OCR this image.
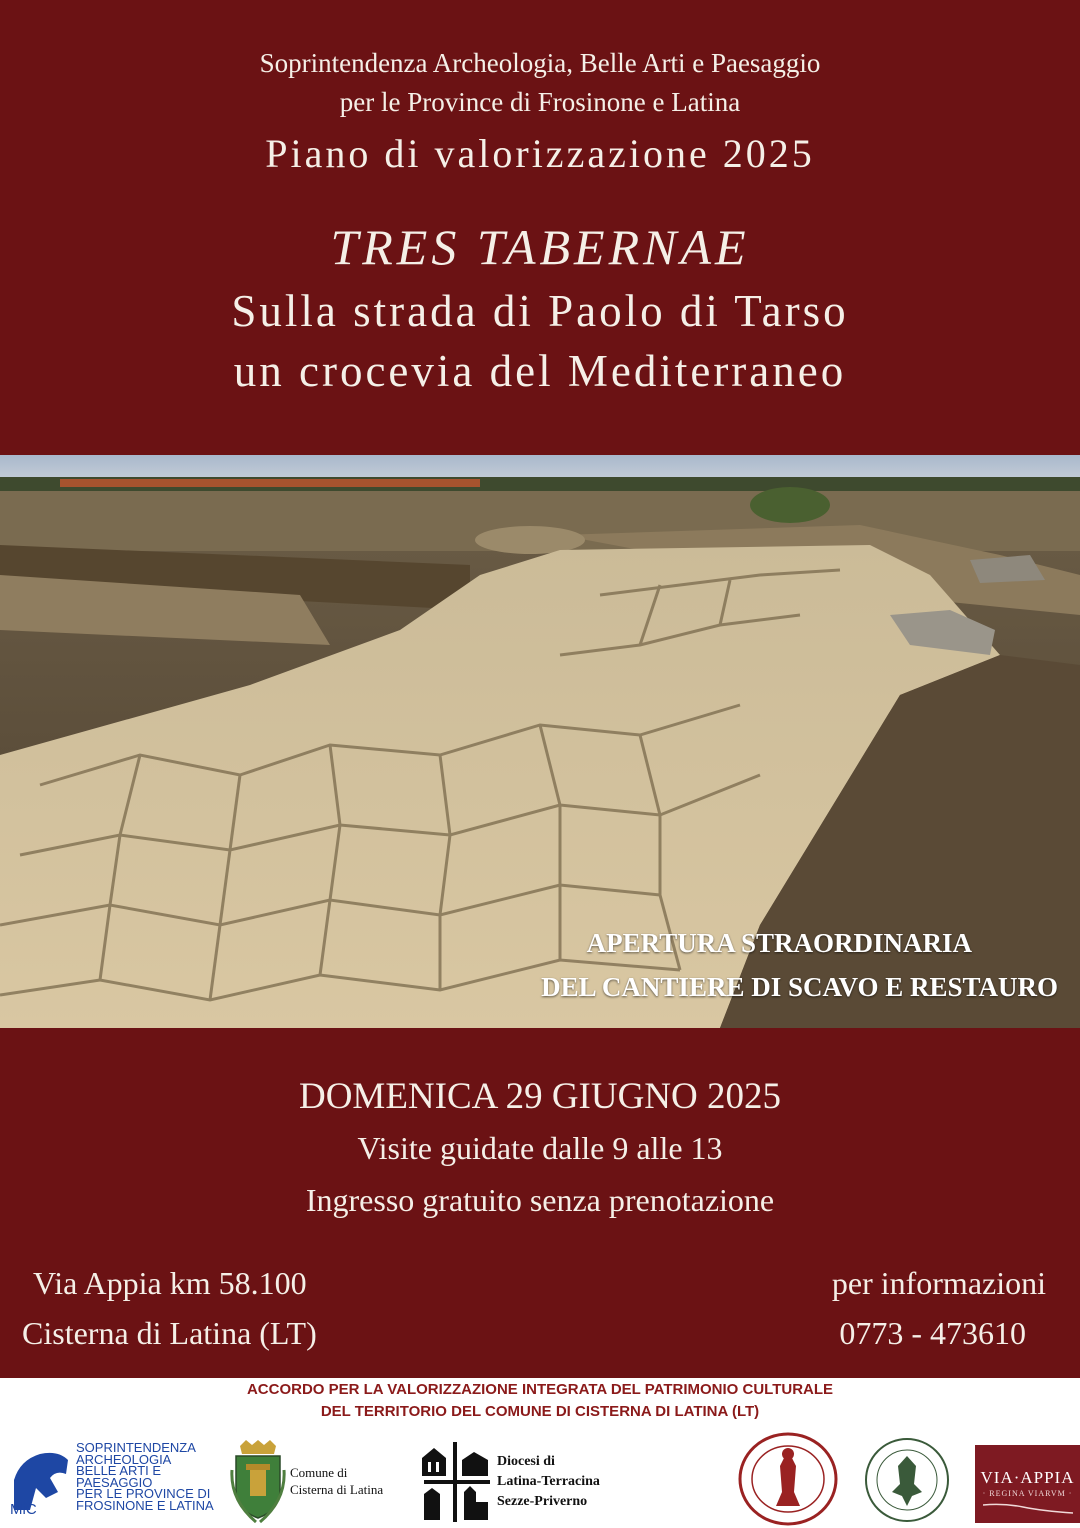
Soprintendenza Archeologia, Belle Arti e Paesaggio
per le Province di Frosinone e Latina
Piano di valorizzazione 2025
TRES TABERNAE
Sulla strada di Paolo di Tarso
un crocevia del Mediterraneo
APERTURA STRAORDINARIA
DEL CANTIERE DI SCAVO E RESTAURO
DOMENICA 29 GIUGNO 2025
Visite guidate dalle 9 alle 13
Ingresso gratuito senza prenotazione
Via Appia km 58.100
Cisterna di Latina (LT)
per informazioni
0773 - 473610
ACCORDO PER LA VALORIZZAZIONE INTEGRATA DEL PATRIMONIO CULTURALE
DEL TERRITORIO DEL COMUNE DI CISTERNA DI LATINA (LT)
MiC
SOPRINTENDENZA
ARCHEOLOGIA
BELLE ARTI E
PAESAGGIO
PER LE PROVINCE DI
FROSINONE E LATINA
Comune di
Cisterna di Latina
Diocesi di
Latina-Terracina
Sezze-Priverno
VIA·APPIA
· REGINA VIARVM ·
